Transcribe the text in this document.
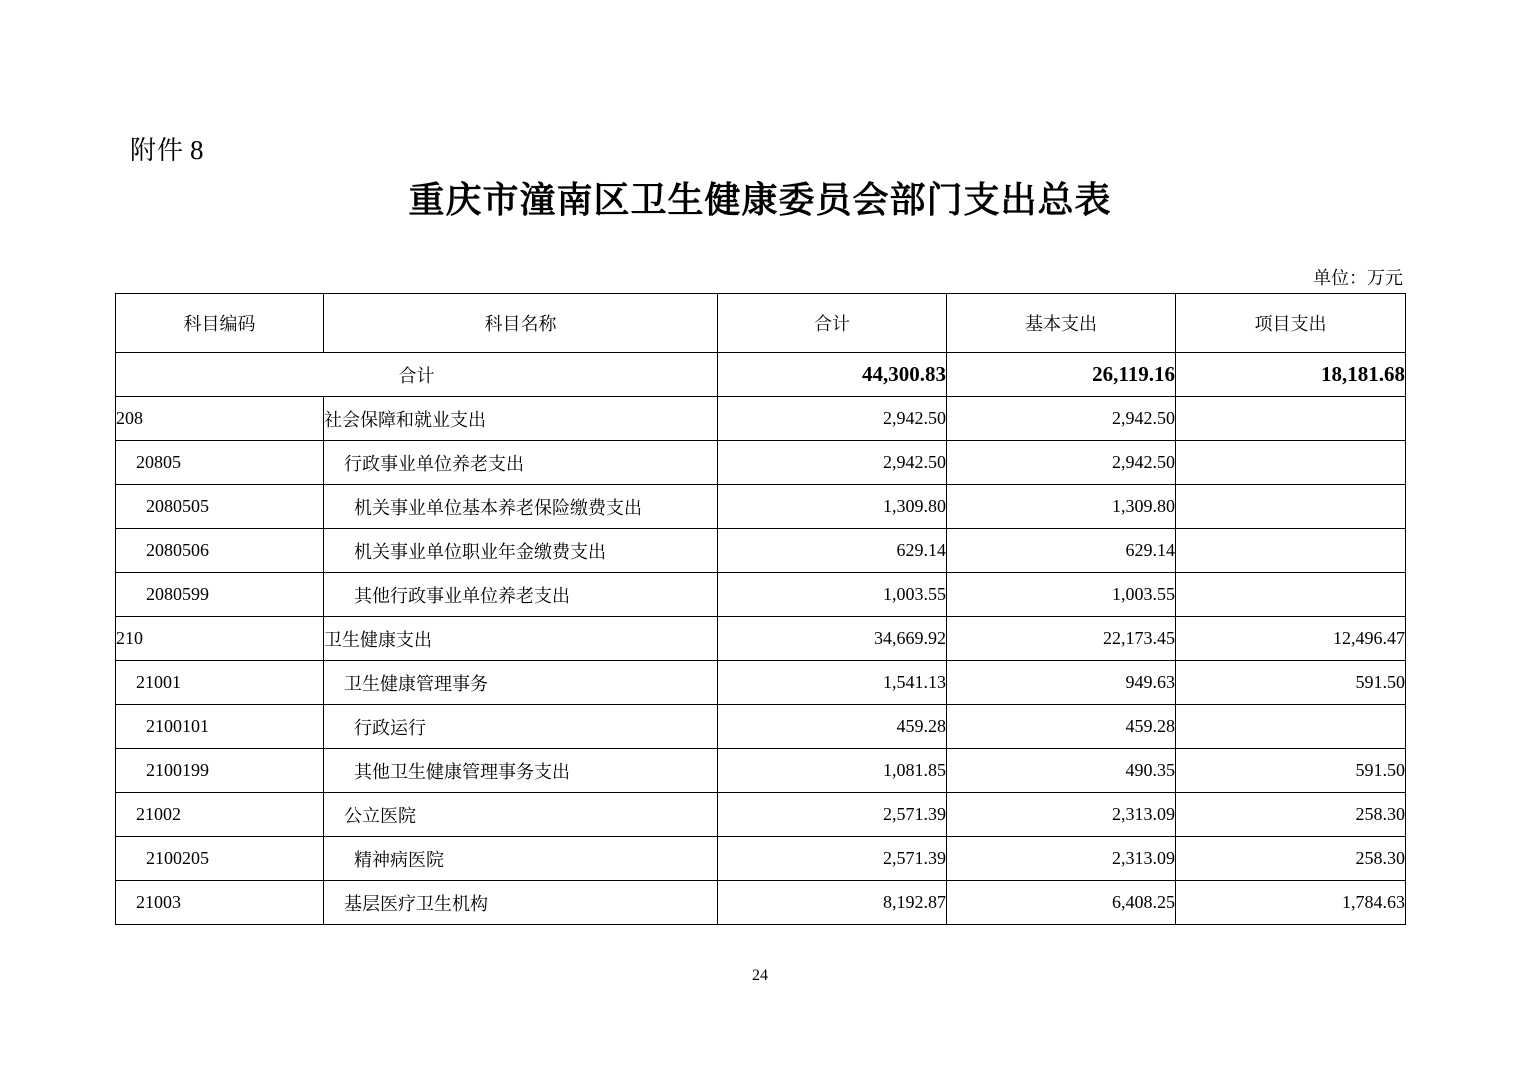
附件 8
重庆市潼南区卫生健康委员会部门支出总表
单位：万元
科目编码	科目名称	合计	基本支出	项目支出
合计		44,300.83	26,119.16	18,181.68
208	社会保障和就业支出	2,942.50	2,942.50	
20805	行政事业单位养老支出	2,942.50	2,942.50	
2080505	机关事业单位基本养老保险缴费支出	1,309.80	1,309.80	
2080506	机关事业单位职业年金缴费支出	629.14	629.14	
2080599	其他行政事业单位养老支出	1,003.55	1,003.55	
210	卫生健康支出	34,669.92	22,173.45	12,496.47
21001	卫生健康管理事务	1,541.13	949.63	591.50
2100101	行政运行	459.28	459.28	
2100199	其他卫生健康管理事务支出	1,081.85	490.35	591.50
21002	公立医院	2,571.39	2,313.09	258.30
2100205	精神病医院	2,571.39	2,313.09	258.30
21003	基层医疗卫生机构	8,192.87	6,408.25	1,784.63
24
